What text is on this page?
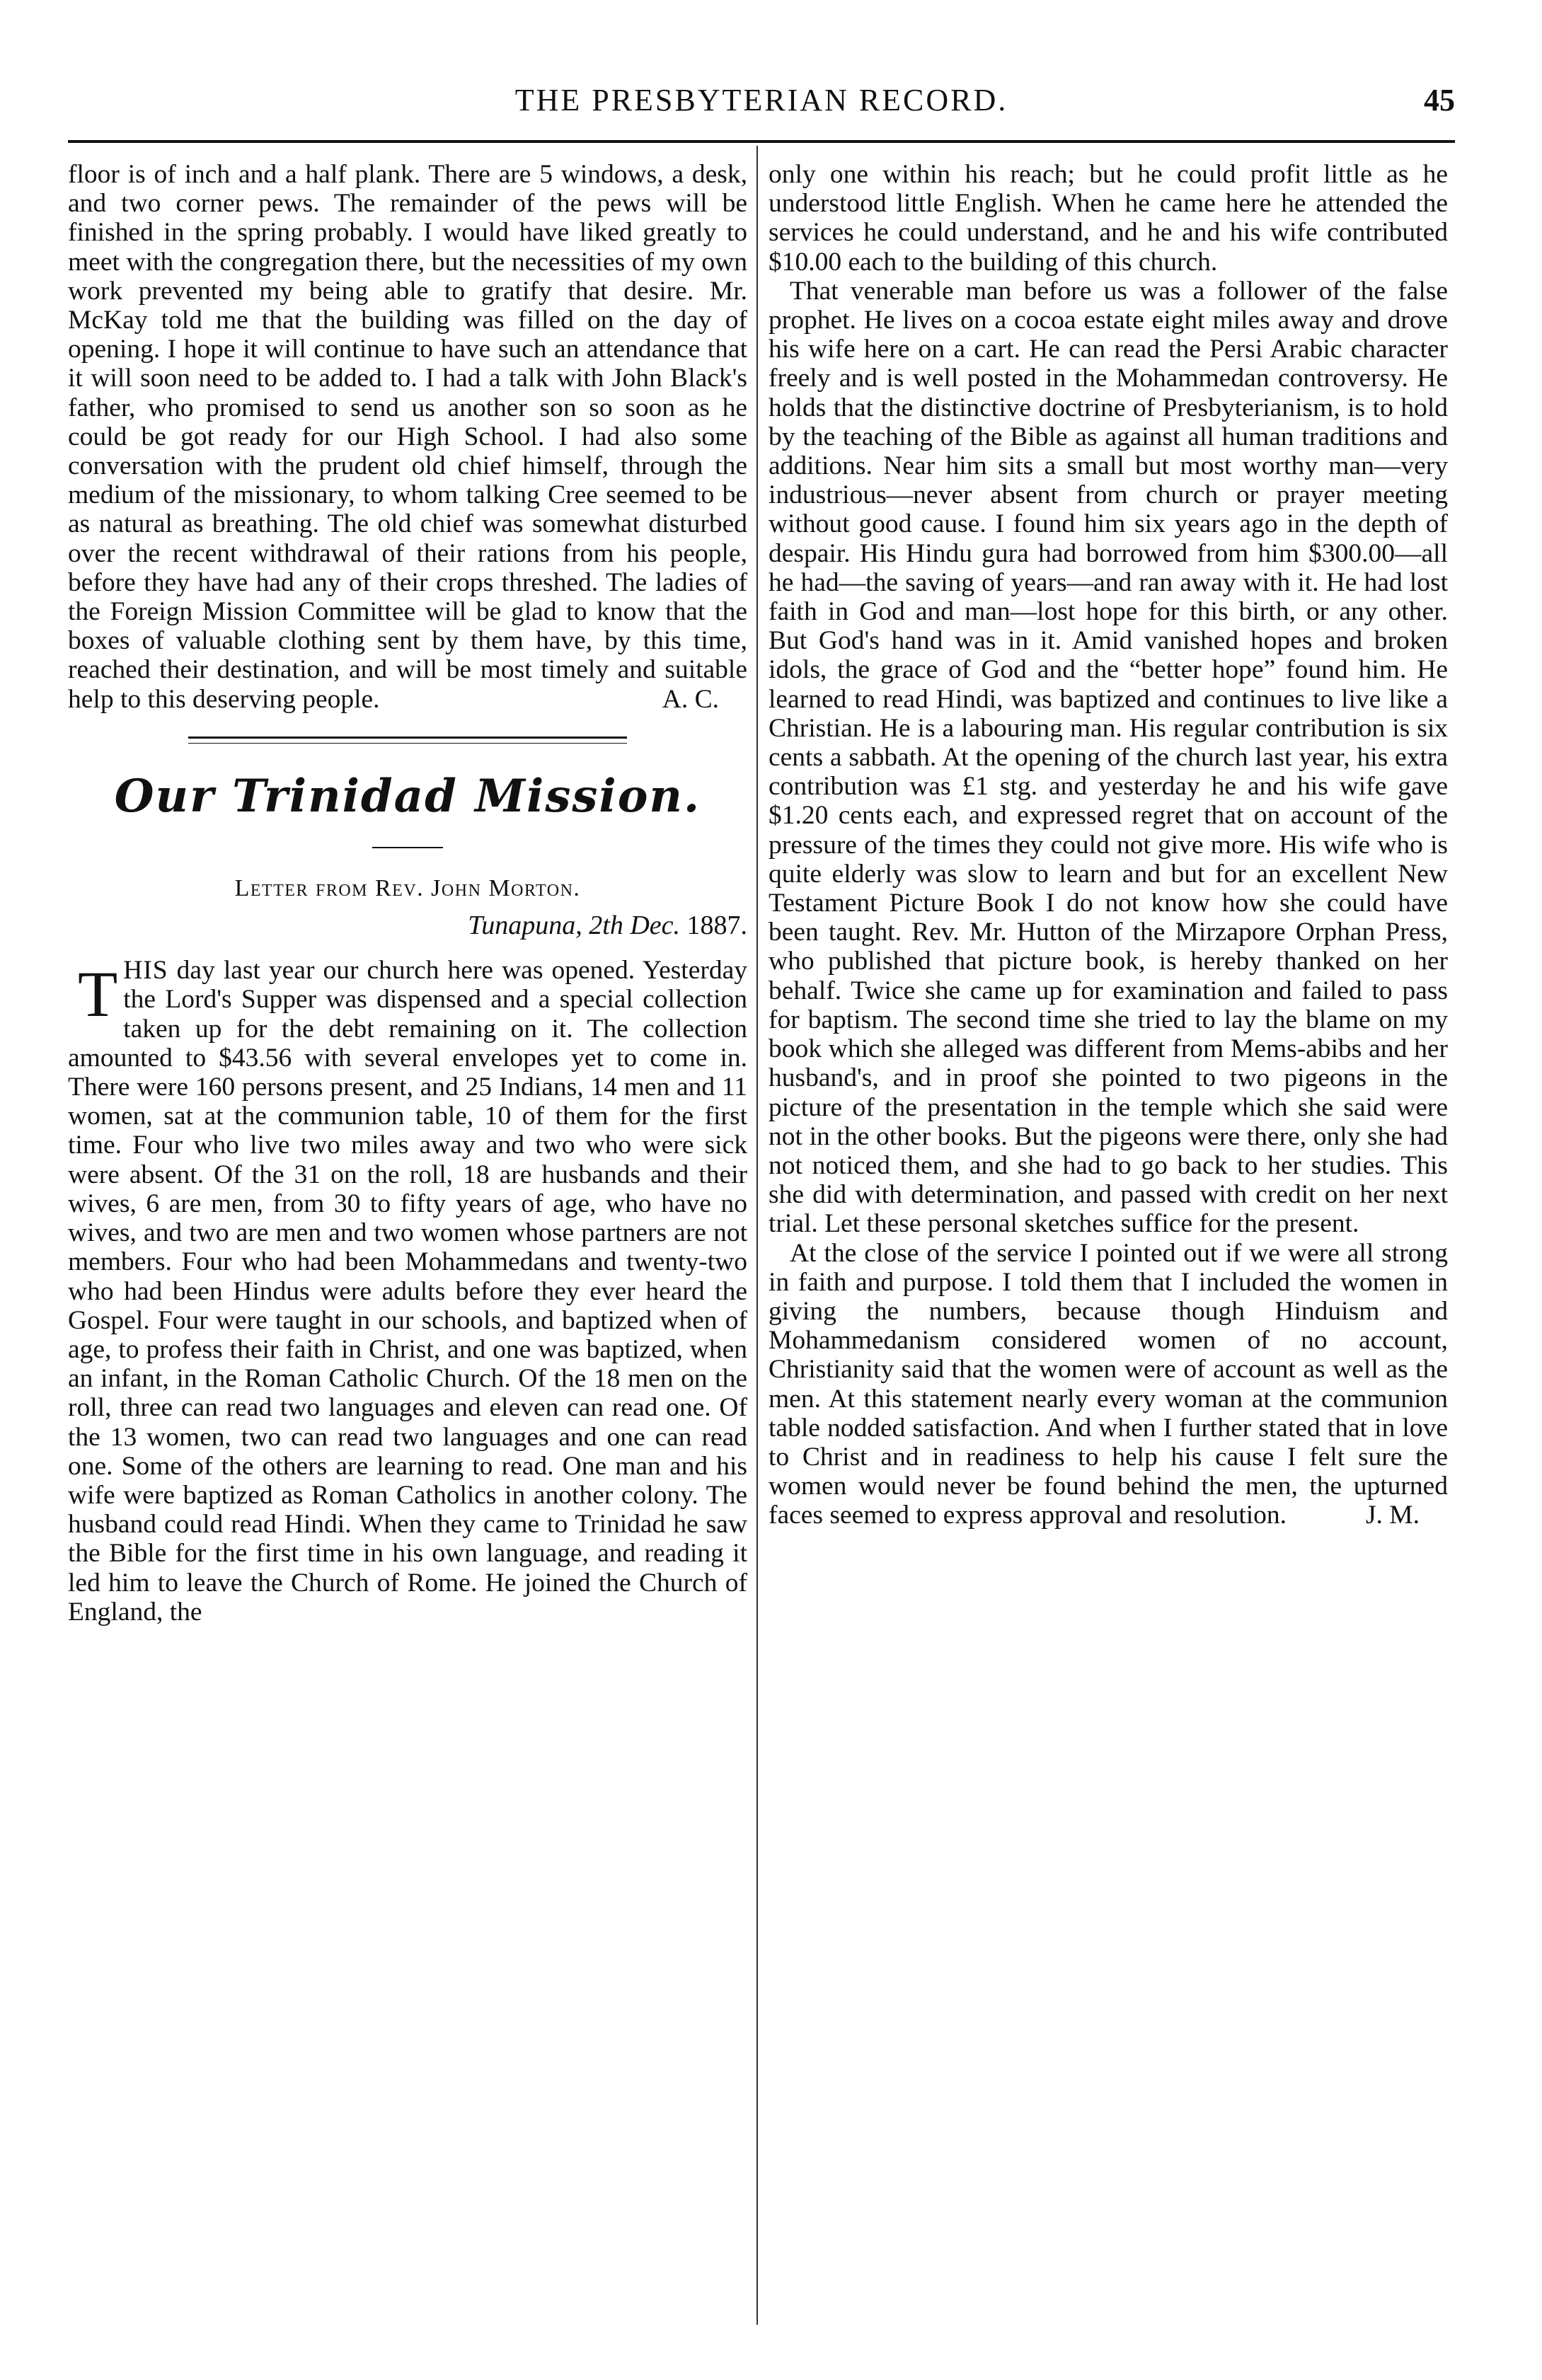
THE PRESBYTERIAN RECORD.	45

floor is of inch and a half plank. There are 5 windows, a desk, and two corner pews. The remainder of the pews will be finished in the spring probably. I would have liked greatly to meet with the congregation there, but the necessities of my own work prevented my being able to gratify that desire. Mr. McKay told me that the building was filled on the day of opening. I hope it will continue to have such an attendance that it will soon need to be added to. I had a talk with John Black's father, who promised to send us another son so soon as he could be got ready for our High School. I had also some conversation with the prudent old chief himself, through the medium of the missionary, to whom talking Cree seemed to be as natural as breathing. The old chief was somewhat disturbed over the recent withdrawal of their rations from his people, before they have had any of their crops threshed. The ladies of the Foreign Mission Committee will be glad to know that the boxes of valuable clothing sent by them have, by this time, reached their destination, and will be most timely and suitable help to this deserving people.	A. C.

Our Trinidad Mission.
Letter from Rev. John Morton.
Tunapuna, 2th Dec. 1887.

THIS day last year our church here was opened. Yesterday the Lord's Supper was dispensed and a special collection taken up for the debt remaining on it. The collection amounted to $43.56 with several envelopes yet to come in. There were 160 persons present, and 25 Indians, 14 men and 11 women, sat at the communion table, 10 of them for the first time. Four who live two miles away and two who were sick were absent. Of the 31 on the roll, 18 are husbands and their wives, 6 are men, from 30 to fifty years of age, who have no wives, and two are men and two women whose partners are not members. Four who had been Mohammedans and twenty-two who had been Hindus were adults before they ever heard the Gospel. Four were taught in our schools, and baptized when of age, to profess their faith in Christ, and one was baptized, when an infant, in the Roman Catholic Church. Of the 18 men on the roll, three can read two languages and eleven can read one. Of the 13 women, two can read two languages and one can read one. Some of the others are learning to read. One man and his wife were baptized as Roman Catholics in another colony. The husband could read Hindi. When they came to Trinidad he saw the Bible for the first time in his own language, and reading it led him to leave the Church of Rome. He joined the Church of England, the

only one within his reach; but he could profit little as he understood little English. When he came here he attended the services he could understand, and he and his wife contributed $10.00 each to the building of this church.

That venerable man before us was a follower of the false prophet. He lives on a cocoa estate eight miles away and drove his wife here on a cart. He can read the Persi Arabic character freely and is well posted in the Mohammedan controversy. He holds that the distinctive doctrine of Presbyterianism, is to hold by the teaching of the Bible as against all human traditions and additions. Near him sits a small but most worthy man—very industrious—never absent from church or prayer meeting without good cause. I found him six years ago in the depth of despair. His Hindu gura had borrowed from him $300.00—all he had—the saving of years—and ran away with it. He had lost faith in God and man—lost hope for this birth, or any other. But God's hand was in it. Amid vanished hopes and broken idols, the grace of God and the “better hope” found him. He learned to read Hindi, was baptized and continues to live like a Christian. He is a labouring man. His regular contribution is six cents a sabbath. At the opening of the church last year, his extra contribution was £1 stg. and yesterday he and his wife gave $1.20 cents each, and expressed regret that on account of the pressure of the times they could not give more. His wife who is quite elderly was slow to learn and but for an excellent New Testament Picture Book I do not know how she could have been taught. Rev. Mr. Hutton of the Mirzapore Orphan Press, who published that picture book, is hereby thanked on her behalf. Twice she came up for examination and failed to pass for baptism. The second time she tried to lay the blame on my book which she alleged was different from Mems-abibs and her husband's, and in proof she pointed to two pigeons in the picture of the presentation in the temple which she said were not in the other books. But the pigeons were there, only she had not noticed them, and she had to go back to her studies. This she did with determination, and passed with credit on her next trial. Let these personal sketches suffice for the present.

At the close of the service I pointed out if we were all strong in faith and purpose. I told them that I included the women in giving the numbers, because though Hinduism and Mohammedanism considered women of no account, Christianity said that the women were of account as well as the men. At this statement nearly every woman at the communion table nodded satisfaction. And when I further stated that in love to Christ and in readiness to help his cause I felt sure the women would never be found behind the men, the upturned faces seemed to express approval and resolution.	J. M.
